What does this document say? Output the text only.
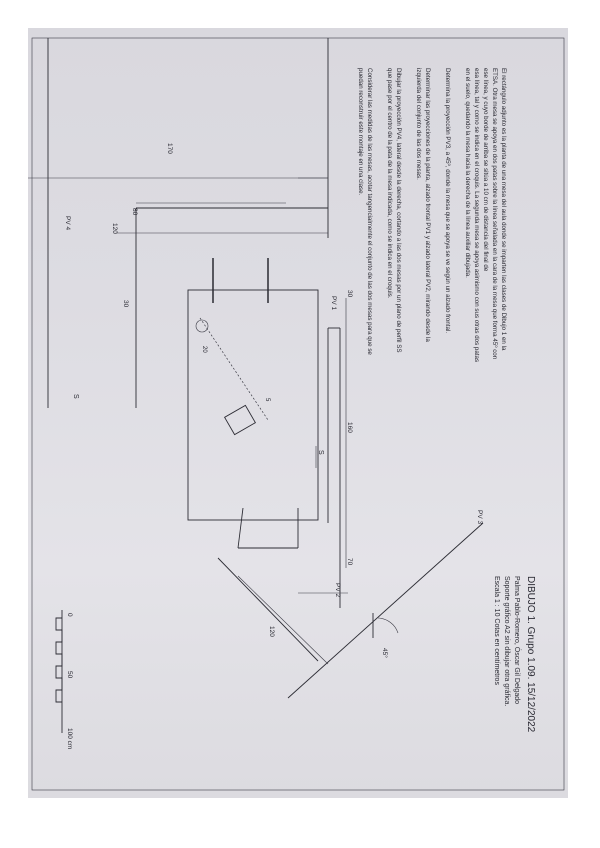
El rectángulo adjunto es la planta de una mesa del aula donde se imparten las clases de Dibujo 1 en la
ETSA. Otra mesa se apoya en dos patas sobre la línea señalada en la cara de la mesa que forma 45º con
ese línea, y cuyo borde de arriba se sitúa a 10 cm de distancia del final de
esa línea, tal y como se indica en el croquis. La segunda mesa se apoya asimismo con sus otras dos patas
en el suelo, quedando la mesa hacia la derecha de la línea auxiliar dibujada.
Determina la proyección PV3, a 45º, donde la mesa que se apoya se ve según un alzado frontal.
Determinar las proyecciones de la planta, alzado frontal PV1 y alzado lateral PV2, mirando desde la
izquierda del conjunto de las dos mesas.
Dibujar la proyección PV4, lateral desde la derecha, cortando a las dos mesas por un plano de perfil SS
que pase por el centro de la pata de la mesa indicada, como se indica en el croquis.
Considerar las medidas de las mesas, acotar tangencialmente el conjunto de las dos mesas para que se
puedan reconstruir este montaje en una clase.
DIBUJO 1. Grupo 1.09. 15/12/2022
Palma Pablo-Romero, Óscar Gil Delgado
Soporte gráfico A2 sin dibujar otra gráfica.
Escala 1 : 10 Cotas en centímetros
PV 4
PV 1
PV 2
PV 3
170
120
80
30
30
160
70
120
20
5
45°
S
S
0
50
100 cm
